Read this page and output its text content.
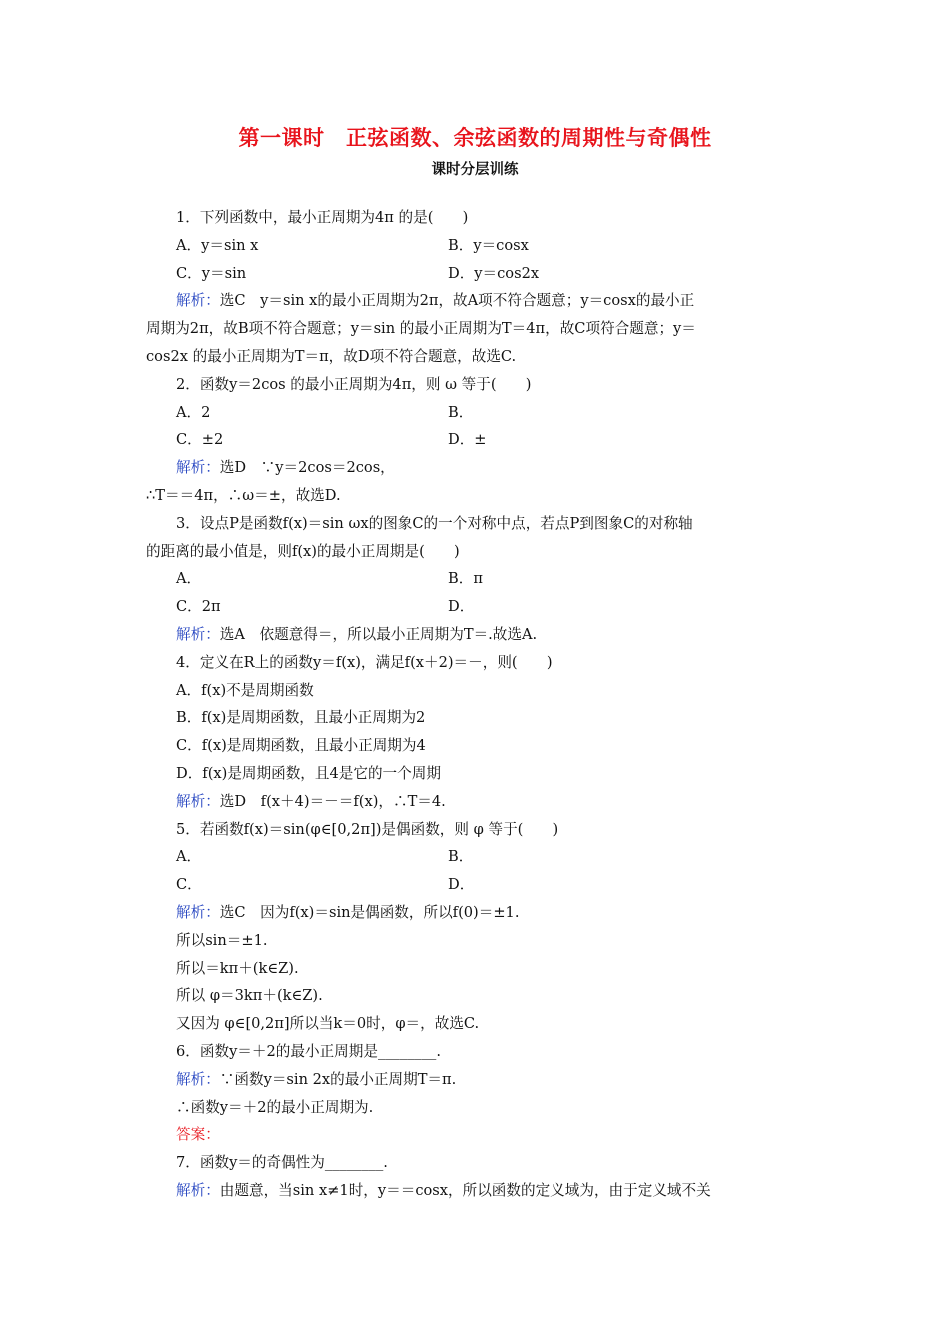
第一课时　正弦函数、余弦函数的周期性与奇偶性
课时分层训练
1．下列函数中，最小正周期为4π 的是(　　)
A．y＝sin x	B．y＝cosx
C．y＝sin	D．y＝cos2x
解析：选C　y＝sin x的最小正周期为2π，故A项不符合题意；y＝cosx的最小正
周期为2π，故B项不符合题意；y＝sin 的最小正周期为T＝4π，故C项符合题意；y＝
cos2x 的最小正周期为T＝π，故D项不符合题意，故选C.
2．函数y＝2cos 的最小正周期为4π，则 ω 等于(　　)
A．2	B．
C．±2	D．±
解析：选D　∵y＝2cos＝2cos，
∴T＝＝4π，∴ω＝±，故选D.
3．设点P是函数f(x)＝sin ωx的图象C的一个对称中点，若点P到图象C的对称轴
的距离的最小值是，则f(x)的最小正周期是(　　)
A．	B．π
C．2π	D．
解析：选A　依题意得＝，所以最小正周期为T＝.故选A.
4．定义在R上的函数y＝f(x)，满足f(x＋2)＝－，则(　　)
A．f(x)不是周期函数
B．f(x)是周期函数，且最小正周期为2
C．f(x)是周期函数，且最小正周期为4
D．f(x)是周期函数，且4是它的一个周期
解析：选D　f(x＋4)＝－＝f(x)，∴T＝4.
5．若函数f(x)＝sin(φ∈[0,2π])是偶函数，则 φ 等于(　　)
A．	B．
C．	D．
解析：选C　因为f(x)＝sin是偶函数，所以f(0)＝±1.
所以sin＝±1.
所以＝kπ＋(k∈Z).
所以 φ＝3kπ＋(k∈Z).
又因为 φ∈[0,2π]所以当k＝0时，φ＝，故选C.
6．函数y＝＋2的最小正周期是________.
解析：∵函数y＝sin 2x的最小正周期T＝π.
∴函数y＝＋2的最小正周期为.
答案：
7．函数y＝的奇偶性为________.
解析：由题意，当sin x≠1时，y＝＝cosx，所以函数的定义域为，由于定义域不关
